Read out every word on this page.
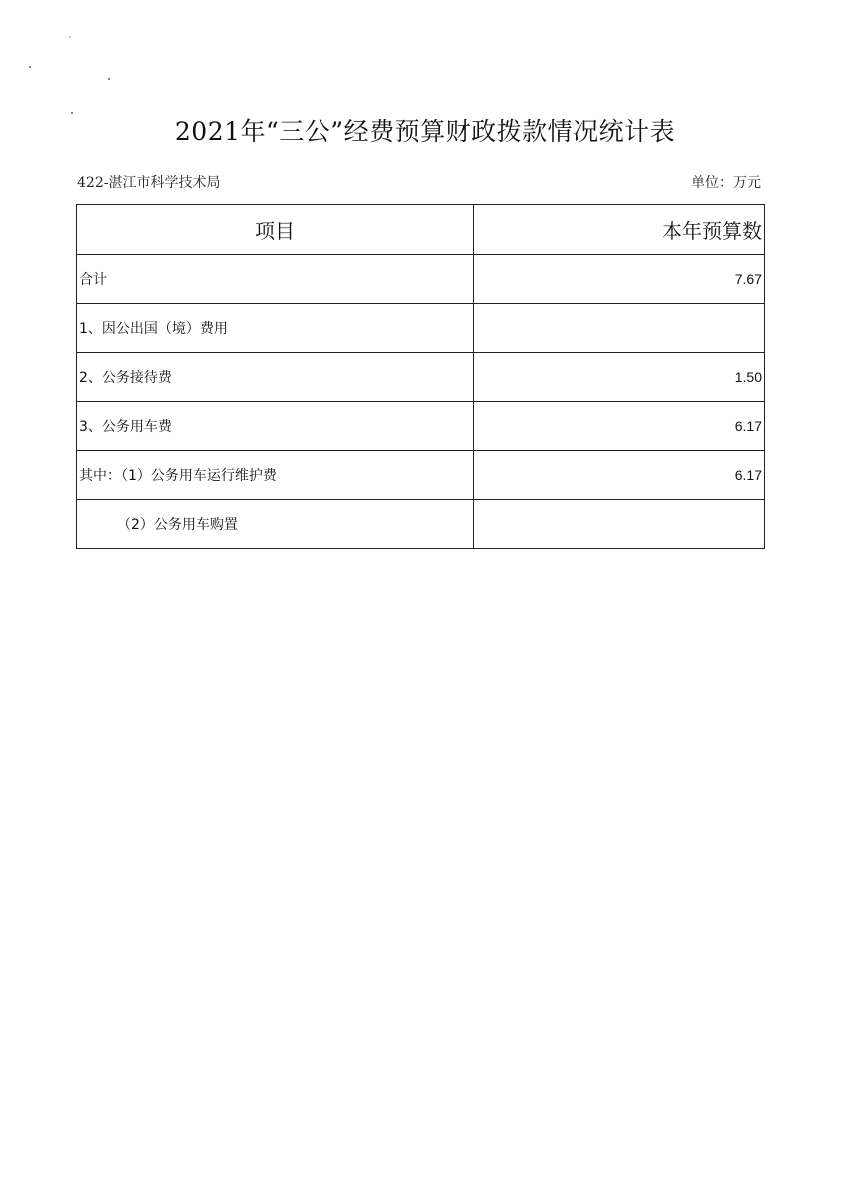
2021年“三公”经费预算财政拨款情况统计表
422-湛江市科学技术局	单位：万元
项目	本年预算数
合计	7.67
1、因公出国（境）费用	
2、公务接待费	1.50
3、公务用车费	6.17
其中：（1）公务用车运行维护费	6.17
（2）公务用车购置	
